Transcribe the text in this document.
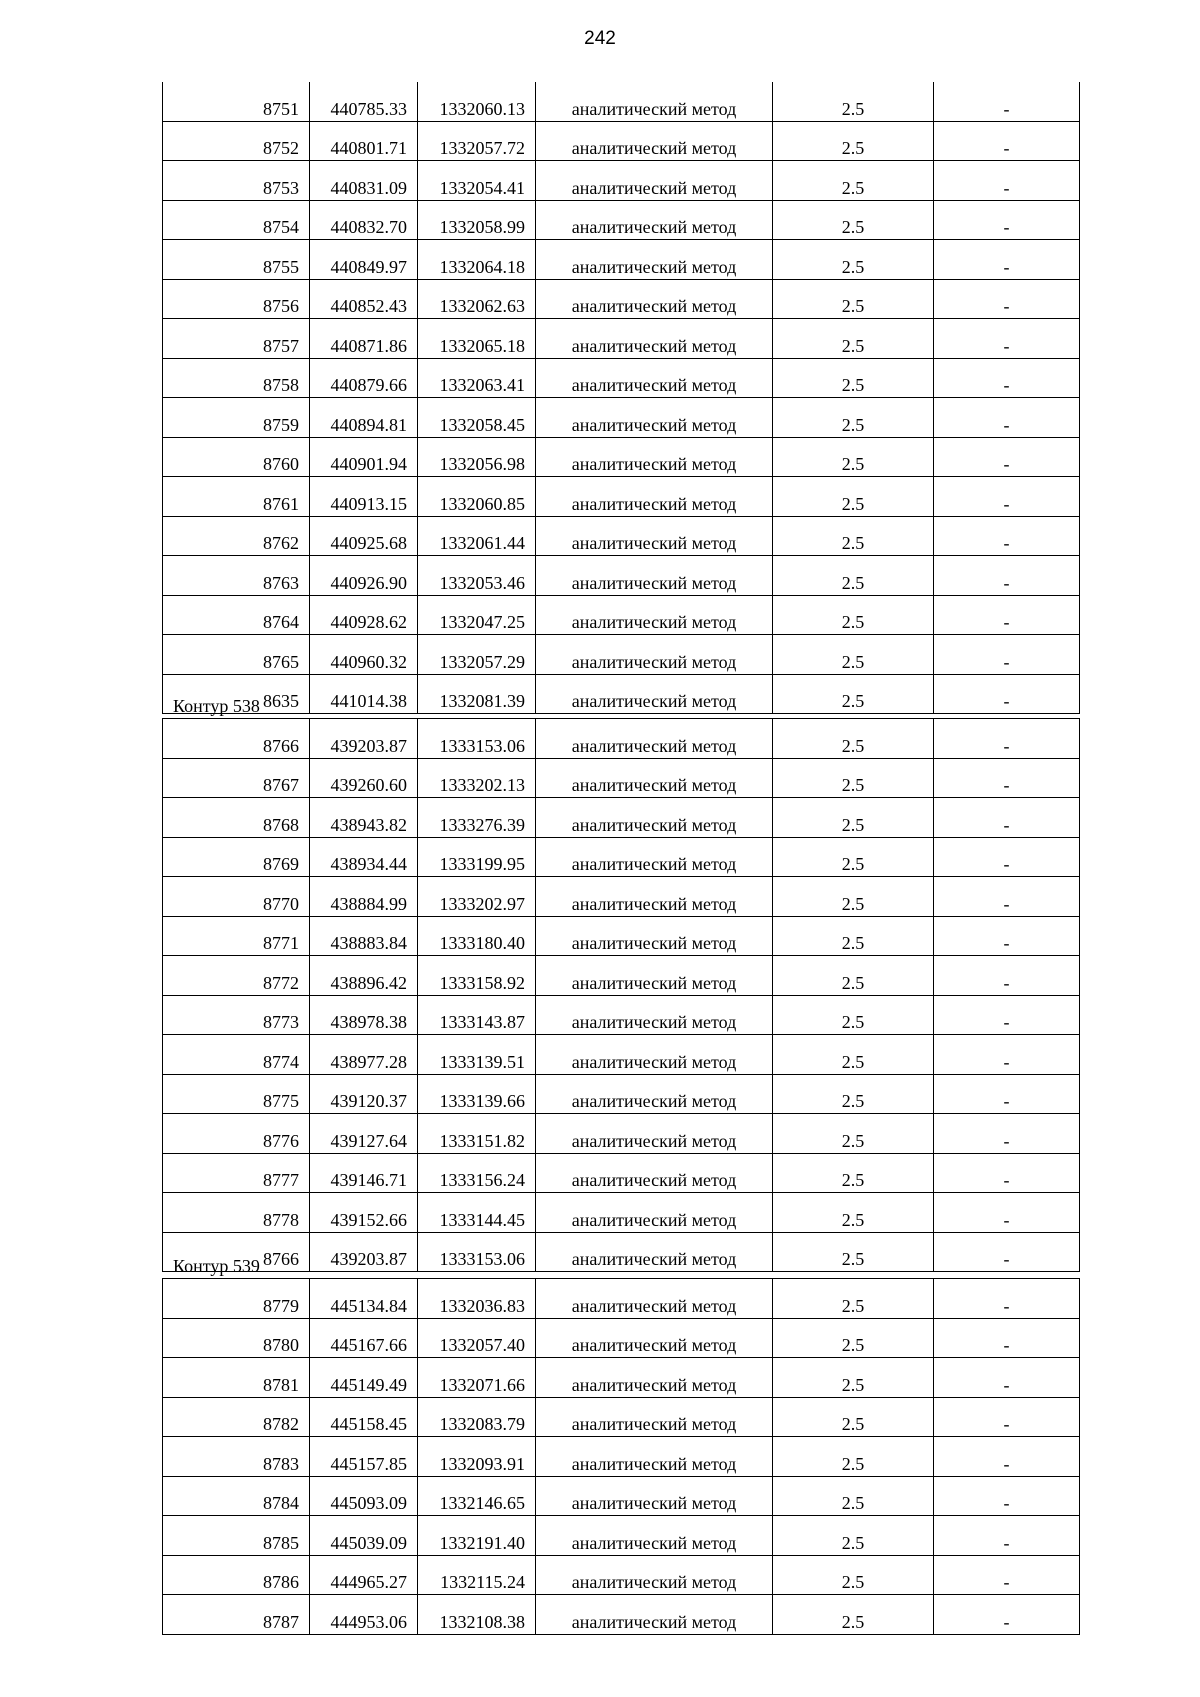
242
8751	440785.33	1332060.13	аналитический метод	2.5	-
8752	440801.71	1332057.72	аналитический метод	2.5	-
8753	440831.09	1332054.41	аналитический метод	2.5	-
8754	440832.70	1332058.99	аналитический метод	2.5	-
8755	440849.97	1332064.18	аналитический метод	2.5	-
8756	440852.43	1332062.63	аналитический метод	2.5	-
8757	440871.86	1332065.18	аналитический метод	2.5	-
8758	440879.66	1332063.41	аналитический метод	2.5	-
8759	440894.81	1332058.45	аналитический метод	2.5	-
8760	440901.94	1332056.98	аналитический метод	2.5	-
8761	440913.15	1332060.85	аналитический метод	2.5	-
8762	440925.68	1332061.44	аналитический метод	2.5	-
8763	440926.90	1332053.46	аналитический метод	2.5	-
8764	440928.62	1332047.25	аналитический метод	2.5	-
8765	440960.32	1332057.29	аналитический метод	2.5	-
8635	441014.38	1332081.39	аналитический метод	2.5	-
Контур 538
8766	439203.87	1333153.06	аналитический метод	2.5	-
8767	439260.60	1333202.13	аналитический метод	2.5	-
8768	438943.82	1333276.39	аналитический метод	2.5	-
8769	438934.44	1333199.95	аналитический метод	2.5	-
8770	438884.99	1333202.97	аналитический метод	2.5	-
8771	438883.84	1333180.40	аналитический метод	2.5	-
8772	438896.42	1333158.92	аналитический метод	2.5	-
8773	438978.38	1333143.87	аналитический метод	2.5	-
8774	438977.28	1333139.51	аналитический метод	2.5	-
8775	439120.37	1333139.66	аналитический метод	2.5	-
8776	439127.64	1333151.82	аналитический метод	2.5	-
8777	439146.71	1333156.24	аналитический метод	2.5	-
8778	439152.66	1333144.45	аналитический метод	2.5	-
8766	439203.87	1333153.06	аналитический метод	2.5	-
Контур 539
8779	445134.84	1332036.83	аналитический метод	2.5	-
8780	445167.66	1332057.40	аналитический метод	2.5	-
8781	445149.49	1332071.66	аналитический метод	2.5	-
8782	445158.45	1332083.79	аналитический метод	2.5	-
8783	445157.85	1332093.91	аналитический метод	2.5	-
8784	445093.09	1332146.65	аналитический метод	2.5	-
8785	445039.09	1332191.40	аналитический метод	2.5	-
8786	444965.27	1332115.24	аналитический метод	2.5	-
8787	444953.06	1332108.38	аналитический метод	2.5	-
